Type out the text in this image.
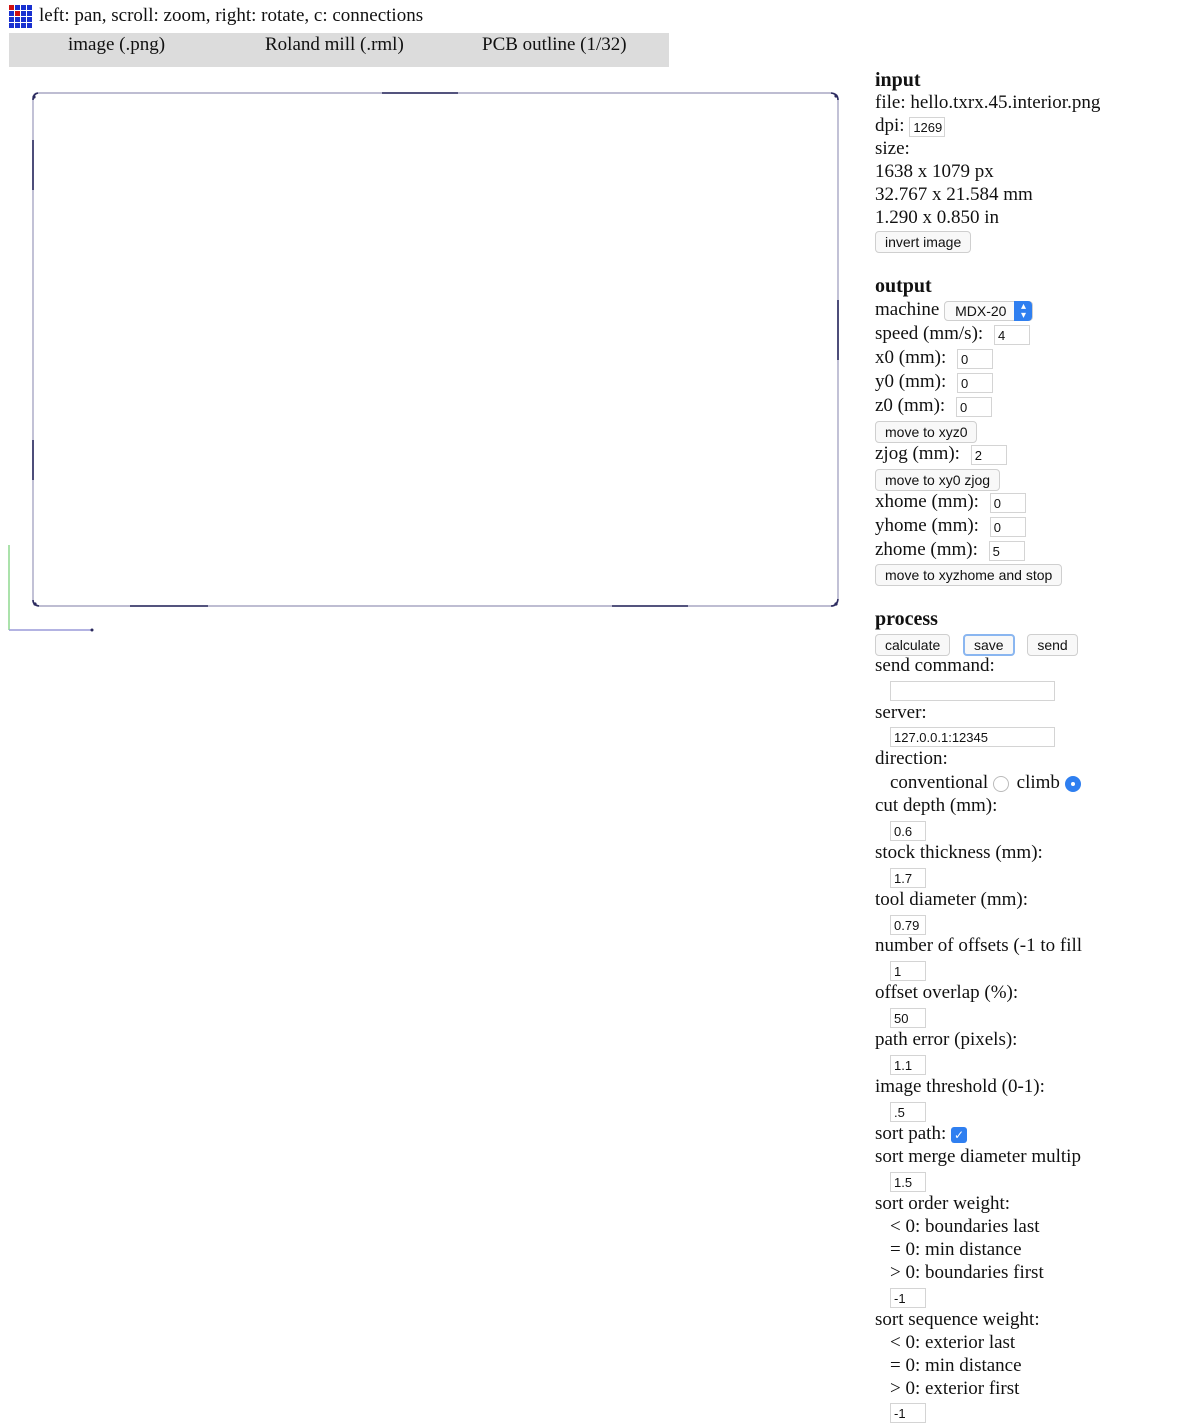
left: pan, scroll: zoom, right: rotate, c: connections
image (.png)	Roland mill (.rml)	PCB outline (1/32)
input
file: hello.txrx.45.interior.png
dpi: 1269
size:
1638 x 1079 px
32.767 x 21.584 mm
1.290 x 0.850 in
invert image
output
machine MDX-20	▴
▾
speed (mm/s): 4
x0 (mm): 0
y0 (mm): 0
z0 (mm): 0
move to xyz0
zjog (mm): 2
move to xy0 zjog
xhome (mm): 0
yhome (mm): 0
zhome (mm): 5
move to xyzhome and stop
process
calculate save send
send command:
server:
127.0.0.1:12345
direction:
conventional climb
cut depth (mm):
0.6
stock thickness (mm):
1.7
tool diameter (mm):
0.79
number of offsets (-1 to fill
1
offset overlap (%):
50
path error (pixels):
1.1
image threshold (0-1):
.5
sort path: ✓
sort merge diameter multip
1.5
sort order weight:
< 0: boundaries last
= 0: min distance
> 0: boundaries first
-1
sort sequence weight:
< 0: exterior last
= 0: min distance
> 0: exterior first
-1
